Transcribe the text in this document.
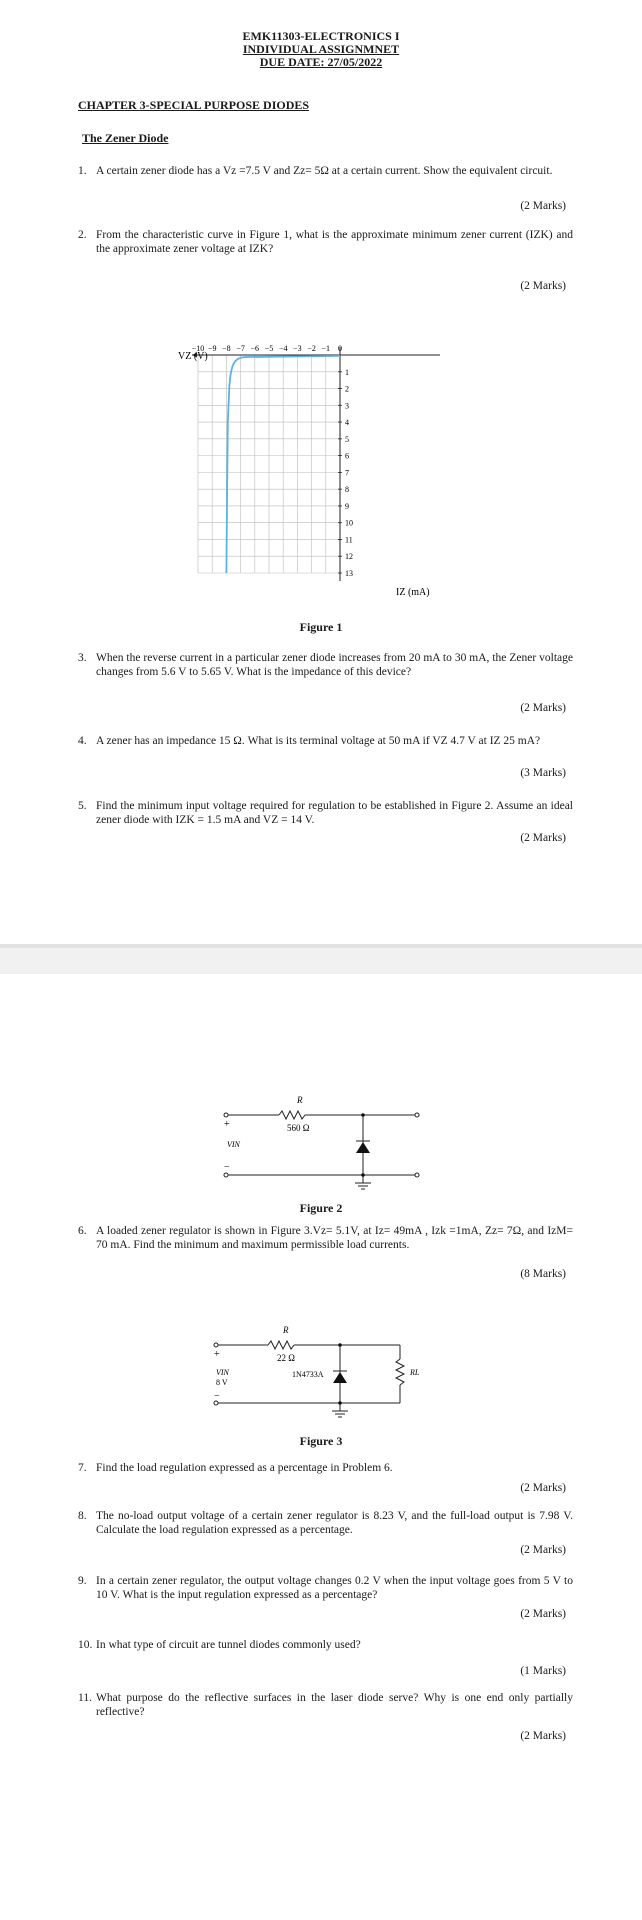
EMK11303-ELECTRONICS I
INDIVIDUAL ASSIGNMNET
DUE DATE: 27/05/2022
CHAPTER 3-SPECIAL PURPOSE DIODES
The Zener Diode
1. A certain zener diode has a Vz =7.5 V and Zz= 5Ω at a certain current. Show the equivalent circuit.
(2 Marks)
2. From the characteristic curve in Figure 1, what is the approximate minimum zener current (IZK) and the approximate zener voltage at IZK?
(2 Marks)
−10 −9 −8 −7 −6 −5 −4 −3 −2 −1 0
1
2
3
4
5
6
7
8
9
10
11
12
13
VZ (V)
IZ (mA)
Figure 1
3. When the reverse current in a particular zener diode increases from 20 mA to 30 mA, the Zener voltage changes from 5.6 V to 5.65 V. What is the impedance of this device?
(2 Marks)
4. A zener has an impedance 15 Ω. What is its terminal voltage at 50 mA if VZ 4.7 V at IZ 25 mA?
(3 Marks)
5. Find the minimum input voltage required for regulation to be established in Figure 2. Assume an ideal zener diode with IZK = 1.5 mA and VZ = 14 V.
(2 Marks)
R
560 Ω
+
VIN
−
Figure 2
6. A loaded zener regulator is shown in Figure 3.Vz= 5.1V, at Iz= 49mA , Izk =1mA, Zz= 7Ω, and IzM= 70 mA. Find the minimum and maximum permissible load currents.
(8 Marks)
R
22 Ω
+
VIN
8 V
−
1N4733A	RL
Figure 3
7. Find the load regulation expressed as a percentage in Problem 6.
(2 Marks)
8. The no-load output voltage of a certain zener regulator is 8.23 V, and the full-load output is 7.98 V. Calculate the load regulation expressed as a percentage.
(2 Marks)
9. In a certain zener regulator, the output voltage changes 0.2 V when the input voltage goes from 5 V to 10 V. What is the input regulation expressed as a percentage?
(2 Marks)
10. In what type of circuit are tunnel diodes commonly used?
(1 Marks)
11. What purpose do the reflective surfaces in the laser diode serve? Why is one end only partially reflective?
(2 Marks)
